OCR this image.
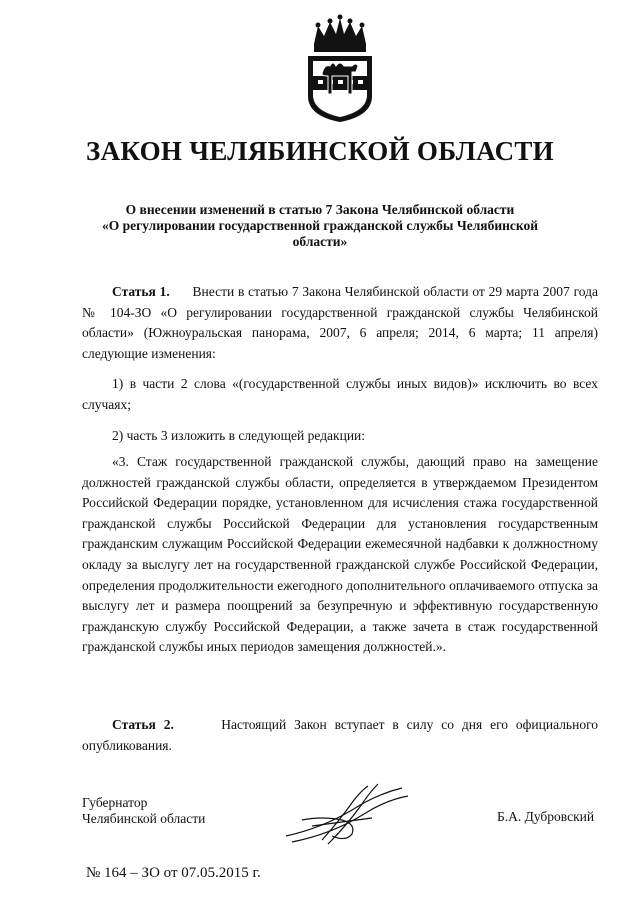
ЗАКОН ЧЕЛЯБИНСКОЙ ОБЛАСТИ
О внесении изменений в статью 7 Закона Челябинской области
«О регулировании государственной гражданской службы Челябинской
области»
Статья 1. Внести в статью 7 Закона Челябинской области от 29 марта 2007 года № 104-ЗО «О регулировании государственной гражданской службы Челябинской области» (Южноуральская панорама, 2007, 6 апреля; 2014, 6 марта; 11 апреля) следующие изменения:
1) в части 2 слова «(государственной службы иных видов)» исключить во всех случаях;
2) часть 3 изложить в следующей редакции:
«3. Стаж государственной гражданской службы, дающий право на замещение должностей гражданской службы области, определяется в утверждаемом Президентом Российской Федерации порядке, установленном для исчисления стажа государственной гражданской службы Российской Федерации для установления государственным гражданским служащим Российской Федерации ежемесячной надбавки к должностному окладу за выслугу лет на государственной гражданской службе Российской Федерации, определения продолжительности ежегодного дополнительного оплачиваемого отпуска за выслугу лет и размера поощрений за безупречную и эффективную государственную гражданскую службу Российской Федерации, а также зачета в стаж государственной гражданской службы иных периодов замещения должностей.».
Статья 2.	Настоящий Закон вступает в силу со дня его официального опубликования.
Губернатор
Челябинской области	Б.А. Дубровский
№ 164 – ЗО от 07.05.2015 г.
